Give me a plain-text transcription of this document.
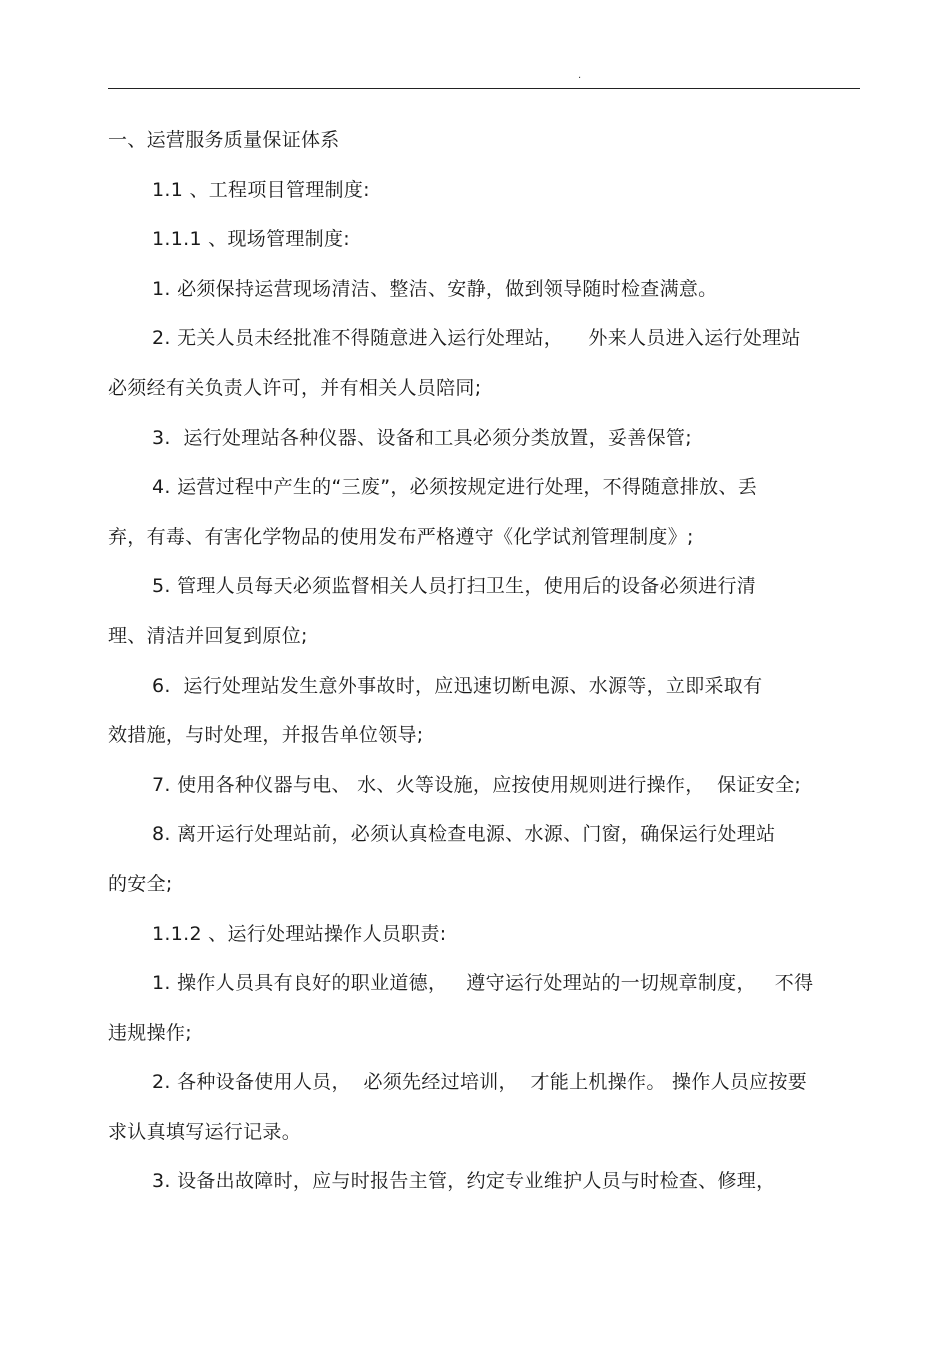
.
一、运营服务质量保证体系
1.1 、工程项目管理制度:
1.1.1 、现场管理制度:
1. 必须保持运营现场清洁、整洁、安静，做到领导随时检查满意。
2. 无关人员未经批准不得随意进入运行处理站，    外来人员进入运行处理站
必须经有关负责人许可，并有相关人员陪同;
3.  运行处理站各种仪器、设备和工具必须分类放置，妥善保管;
4. 运营过程中产生的“三废”，必须按规定进行处理，不得随意排放、丢
弃，有毒、有害化学物品的使用发布严格遵守《化学试剂管理制度》;
5. 管理人员每天必须监督相关人员打扫卫生，使用后的设备必须进行清
理、清洁并回复到原位;
6.  运行处理站发生意外事故时，应迅速切断电源、水源等，立即采取有
效措施，与时处理，并报告单位领导;
7. 使用各种仪器与电、 水、火等设施，应按使用规则进行操作，  保证安全;
8. 离开运行处理站前，必须认真检查电源、水源、门窗，确保运行处理站
的安全;
1.1.2 、运行处理站操作人员职责:
1. 操作人员具有良好的职业道德，   遵守运行处理站的一切规章制度，   不得
违规操作;
2. 各种设备使用人员，  必须先经过培训，  才能上机操作。 操作人员应按要
求认真填写运行记录。
3. 设备出故障时，应与时报告主管，约定专业维护人员与时检查、修理，
